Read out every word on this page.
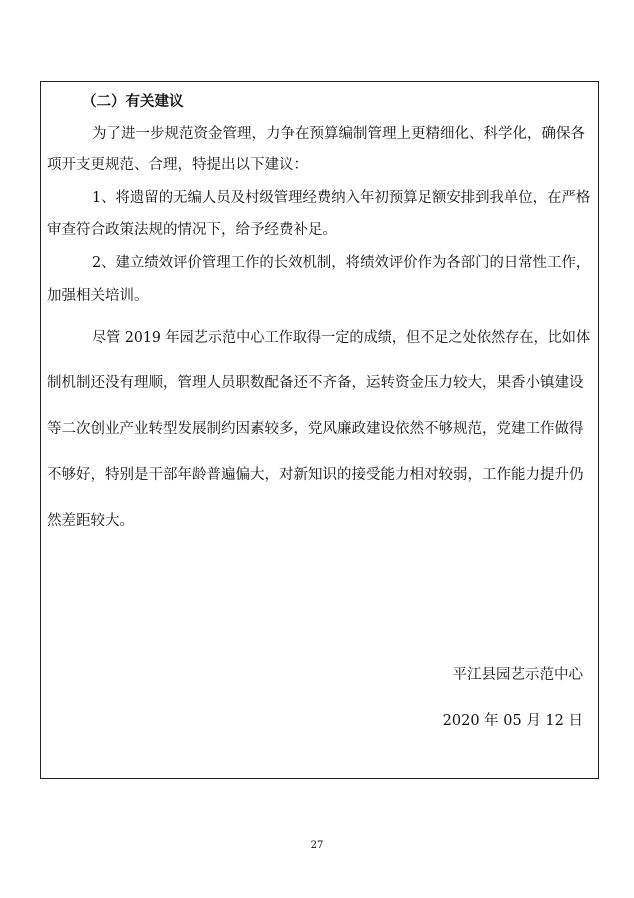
（二）有关建议
为了进一步规范资金管理，力争在预算编制管理上更精细化、科学化，确保各
项开支更规范、合理，特提出以下建议：
1、将遗留的无编人员及村级管理经费纳入年初预算足额安排到我单位，在严格
审查符合政策法规的情况下，给予经费补足。
2、建立绩效评价管理工作的长效机制，将绩效评价作为各部门的日常性工作，
加强相关培训。
尽管 2019 年园艺示范中心工作取得一定的成绩，但不足之处依然存在，比如体
制机制还没有理顺，管理人员职数配备还不齐备，运转资金压力较大，果香小镇建设
等二次创业产业转型发展制约因素较多，党风廉政建设依然不够规范，党建工作做得
不够好，特别是干部年龄普遍偏大，对新知识的接受能力相对较弱，工作能力提升仍
然差距较大。
平江县园艺示范中心
2020 年 05 月 12 日
27
